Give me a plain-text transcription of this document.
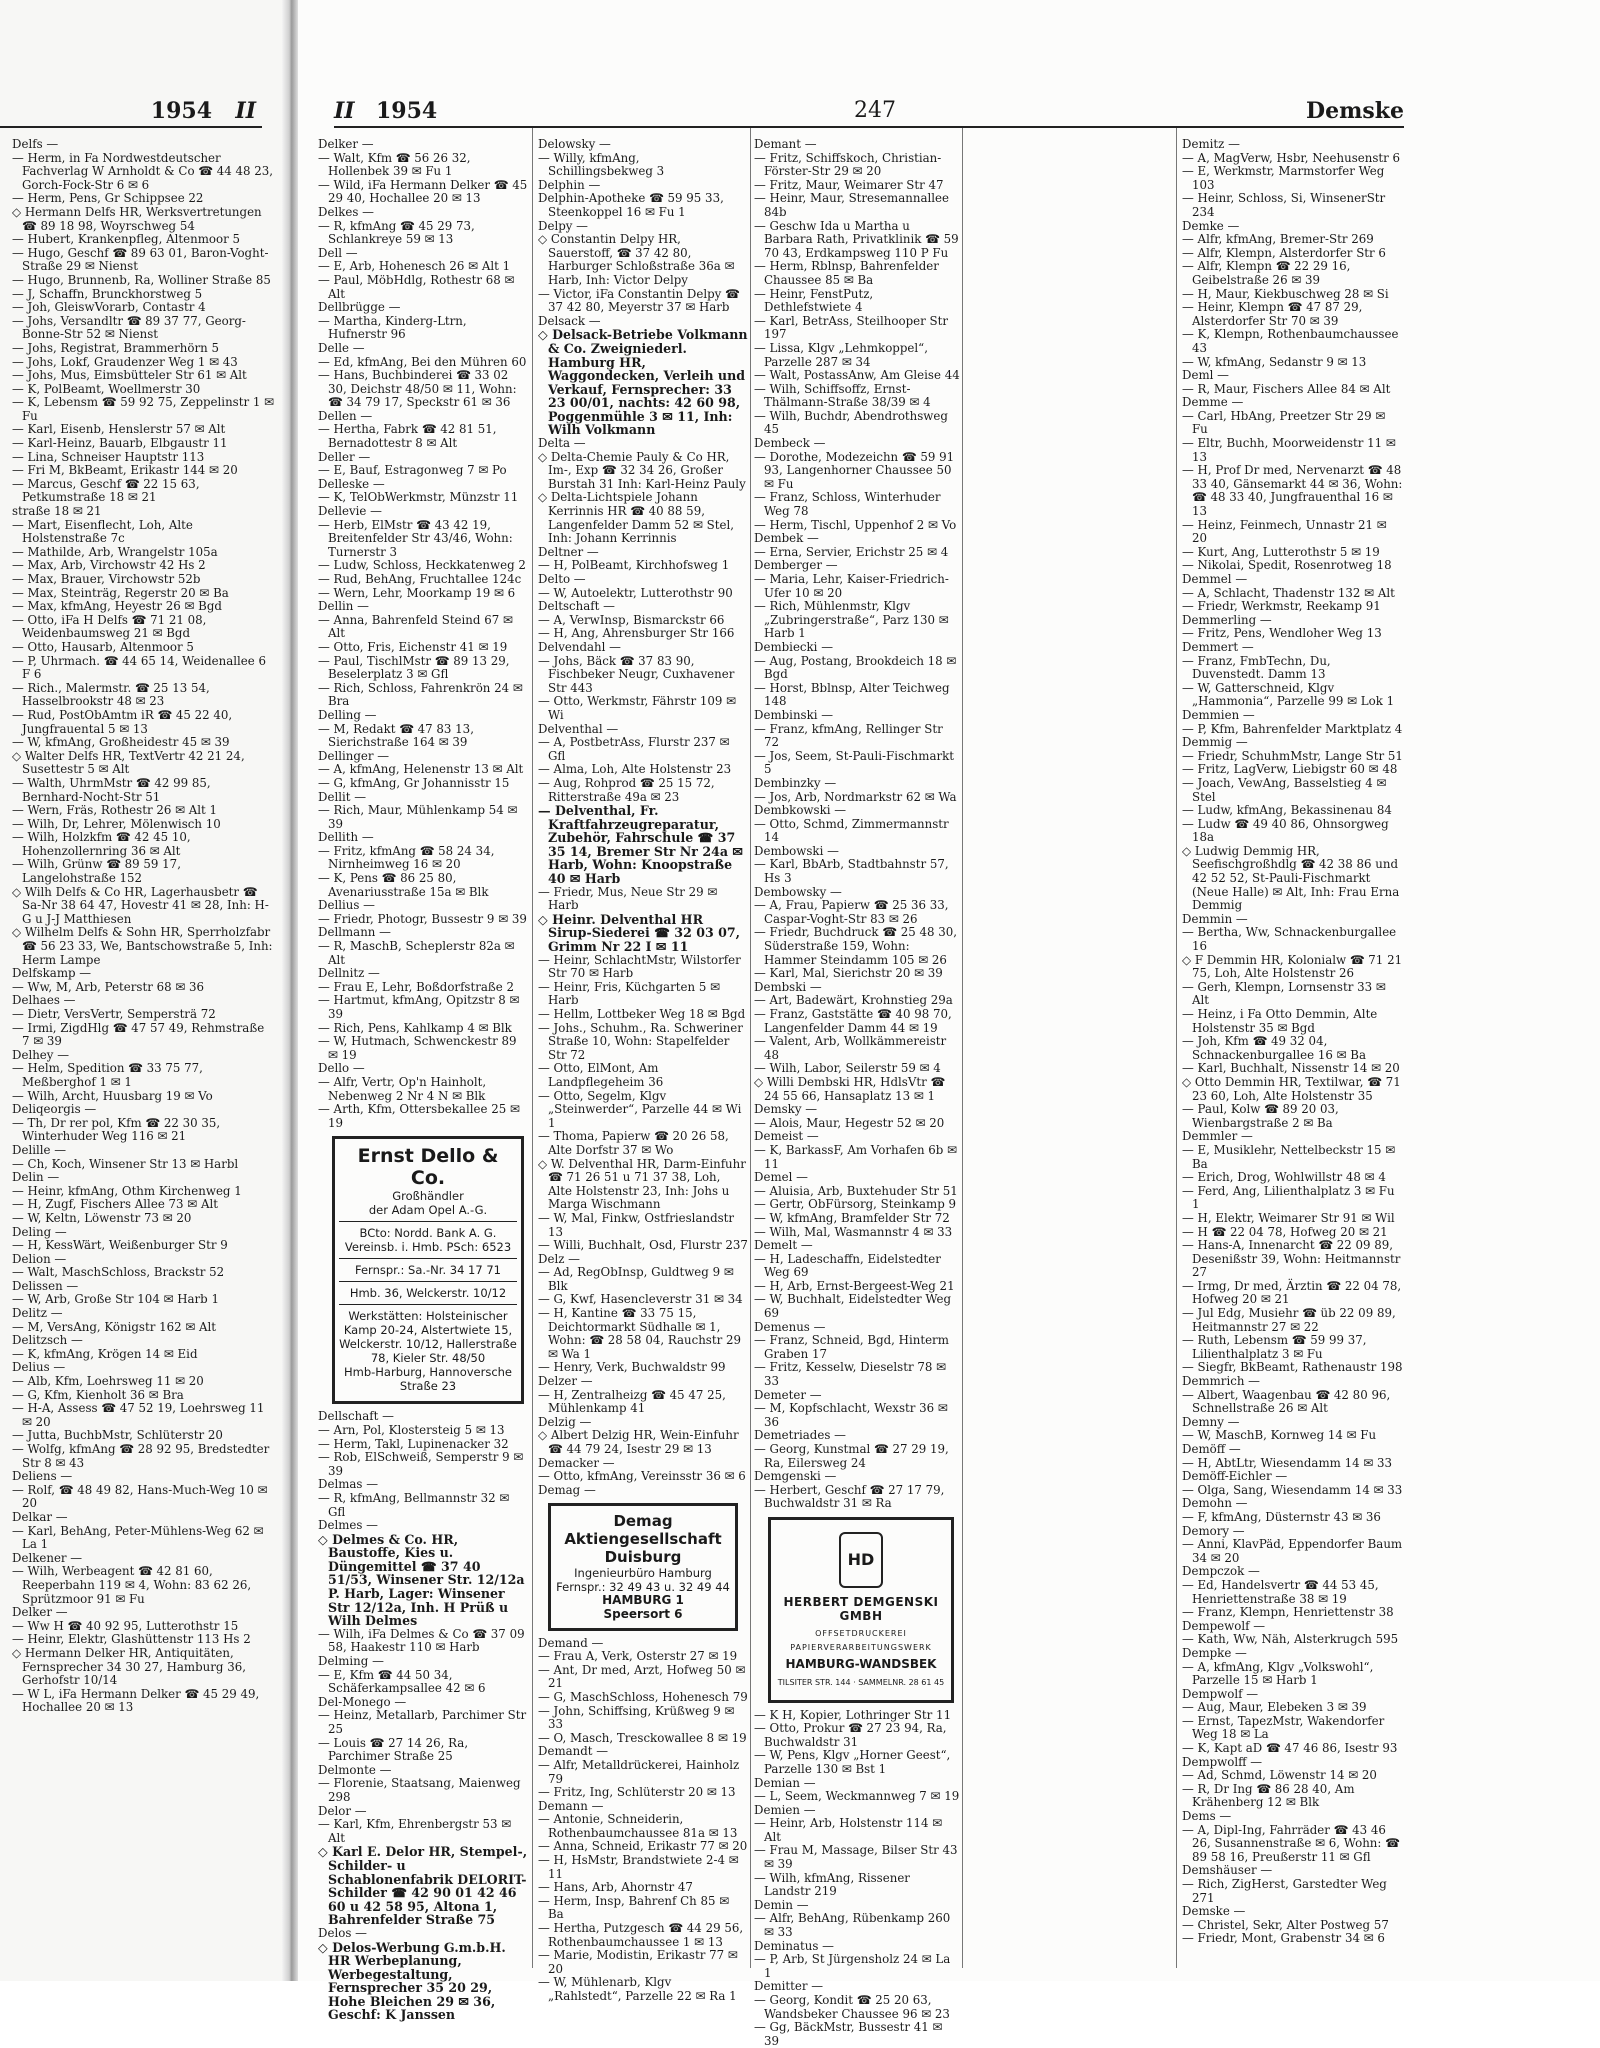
1954 II

Delfs —

— Herm, in Fa Nordwestdeutscher Fachverlag W Arnholdt & Co ☎ 44 48 23, Gorch-Fock-Str 6 ✉ 6

— Herm, Pens, Gr Schippsee 22

◇ Hermann Delfs HR, Werksvertretungen ☎ 89 18 98, Woyrschweg 54

— Hubert, Krankenpfleg, Altenmoor 5

— Hugo, Geschf ☎ 89 63 01, Baron-Voght-Straße 29 ✉ Nienst

— Hugo, Brunnenb, Ra, Wolliner Straße 85

— J, Schaffn, Brunckhorstweg 5

— Joh, GleiswVorarb, Contastr 4

— Johs, Versandltr ☎ 89 37 77, Georg-Bonne-Str 52 ✉ Nienst

— Johs, Registrat, Brammerhörn 5

— Johs, Lokf, Graudenzer Weg 1 ✉ 43

— Johs, Mus, Eimsbütteler Str 61 ✉ Alt

— K, PolBeamt, Woellmerstr 30

— K, Lebensm ☎ 59 92 75, Zeppelinstr 1 ✉ Fu

— Karl, Eisenb, Henslerstr 57 ✉ Alt

— Karl-Heinz, Bauarb, Elbgaustr 11

— Lina, Schneiser Hauptstr 113

— Fri M, BkBeamt, Erikastr 144 ✉ 20

— Marcus, Geschf ☎ 22 15 63, Petkumstraße 18 ✉ 21

straße 18 ✉ 21

— Mart, Eisenflecht, Loh, Alte Holstenstraße 7c

— Mathilde, Arb, Wrangelstr 105a

— Max, Arb, Virchowstr 42 Hs 2

— Max, Brauer, Virchowstr 52b

— Max, Steinträg, Regerstr 20 ✉ Ba

— Max, kfmAng, Heyestr 26 ✉ Bgd

— Otto, iFa H Delfs ☎ 71 21 08, Weidenbaumsweg 21 ✉ Bgd

— Otto, Hausarb, Altenmoor 5

— P, Uhrmach. ☎ 44 65 14, Weidenallee 6 F 6

— Rich., Malermstr. ☎ 25 13 54, Hasselbrookstr 48 ✉ 23

— Rud, PostObAmtm iR ☎ 45 22 40, Jungfrauental 5 ✉ 13

— W, kfmAng, Großheidestr 45 ✉ 39

◇ Walter Delfs HR, TextVertr 42 21 24, Susettestr 5 ✉ Alt

— Walth, UhrmMstr ☎ 42 99 85, Bernhard-Nocht-Str 51

— Wern, Fräs, Rothestr 26 ✉ Alt 1

— Wilh, Dr, Lehrer, Mölenwisch 10

— Wilh, Holzkfm ☎ 42 45 10, Hohenzollernring 36 ✉ Alt

— Wilh, Grünw ☎ 89 59 17, Langelohstraße 152

◇ Wilh Delfs & Co HR, Lagerhausbetr ☎ Sa-Nr 38 64 47, Hovestr 41 ✉ 28, Inh: H-G u J-J Matthiesen

◇ Wilhelm Delfs & Sohn HR, Sperrholzfabr ☎ 56 23 33, We, Bantschowstraße 5, Inh: Herm Lampe

Delfskamp —

— Ww, M, Arb, Peterstr 68 ✉ 36

Delhaes —

— Dietr, VersVertr, Sempersträ 72

— Irmi, ZigdHlg ☎ 47 57 49, Rehmstraße 7 ✉ 39

Delhey —

— Helm, Spedition ☎ 33 75 77, Meßberghof 1 ✉ 1

— Wilh, Archt, Huusbarg 19 ✉ Vo

Deliqeorgis —

— Th, Dr rer pol, Kfm ☎ 22 30 35, Winterhuder Weg 116 ✉ 21

Delille —

— Ch, Koch, Winsener Str 13 ✉ Harbl

Delin —

— Heinr, kfmAng, Othm Kirchenweg 1

— H, Zugf, Fischers Allee 73 ✉ Alt

— W, Keltn, Löwenstr 73 ✉ 20

Deling —

— H, KessWärt, Weißenburger Str 9

Delion —

— Walt, MaschSchloss, Brackstr 52

Delissen —

— W, Arb, Große Str 104 ✉ Harb 1

Delitz —

— M, VersAng, Königstr 162 ✉ Alt

Delitzsch —

— K, kfmAng, Krögen 14 ✉ Eid

Delius —

— Alb, Kfm, Loehrsweg 11 ✉ 20

— G, Kfm, Kienholt 36 ✉ Bra

— H-A, Assess ☎ 47 52 19, Loehrsweg 11 ✉ 20

— Jutta, BuchbMstr, Schlüterstr 20

— Wolfg, kfmAng ☎ 28 92 95, Bredstedter Str 8 ✉ 43

Deliens —

— Rolf, ☎ 48 49 82, Hans-Much-Weg 10 ✉ 20

Delkar —

— Karl, BehAng, Peter-Mühlens-Weg 62 ✉ La 1

Delkener —

— Wilh, Werbeagent ☎ 42 81 60, Reeperbahn 119 ✉ 4, Wohn: 83 62 26, Sprützmoor 91 ✉ Fu

Delker —

— Ww H ☎ 40 92 95, Lutterothstr 15

— Heinr, Elektr, Glashüttenstr 113 Hs 2

◇ Hermann Delker HR, Antiquitäten, Fernsprecher 34 30 27, Hamburg 36, Gerhofstr 10/14

— W L, iFa Hermann Delker ☎ 45 29 49, Hochallee 20 ✉ 13

II 1954	247	Demske

Delker —

— Walt, Kfm ☎ 56 26 32, Hollenbek 39 ✉ Fu 1

— Wild, iFa Hermann Delker ☎ 45 29 40, Hochallee 20 ✉ 13

Delkes —

— R, kfmAng ☎ 45 29 73, Schlankreye 59 ✉ 13

Dell —

— E, Arb, Hohenesch 26 ✉ Alt 1

— Paul, MöbHdlg, Rothestr 68 ✉ Alt

Dellbrügge —

— Martha, Kinderg-Ltrn, Hufnerstr 96

Delle —

— Ed, kfmAng, Bei den Mühren 60

— Hans, Buchbinderei ☎ 33 02 30, Deichstr 48/50 ✉ 11, Wohn: ☎ 34 79 17, Speckstr 61 ✉ 36

Dellen —

— Hertha, Fabrk ☎ 42 81 51, Bernadottestr 8 ✉ Alt

Deller —

— E, Bauf, Estragonweg 7 ✉ Po

Delleske —

— K, TelObWerkmstr, Münzstr 11

Dellevie —

— Herb, ElMstr ☎ 43 42 19, Breitenfelder Str 43/46, Wohn: Turnerstr 3

— Ludw, Schloss, Heckkatenweg 2

— Rud, BehAng, Fruchtallee 124c

— Wern, Lehr, Moorkamp 19 ✉ 6

Dellin —

— Anna, Bahrenfeld Steind 67 ✉ Alt

— Otto, Fris, Eichenstr 41 ✉ 19

— Paul, TischlMstr ☎ 89 13 29, Beselerplatz 3 ✉ Gfl

— Rich, Schloss, Fahrenkrön 24 ✉ Bra

Delling —

— M, Redakt ☎ 47 83 13, Sierichstraße 164 ✉ 39

Dellinger —

— A, kfmAng, Helenenstr 13 ✉ Alt

— G, kfmAng, Gr Johannisstr 15

Dellit —

— Rich, Maur, Mühlenkamp 54 ✉ 39

Dellith —

— Fritz, kfmAng ☎ 58 24 34, Nirnheimweg 16 ✉ 20

— K, Pens ☎ 86 25 80, Avenariusstraße 15a ✉ Blk

Dellius —

— Friedr, Photogr, Bussestr 9 ✉ 39

Dellmann —

— R, MaschB, Scheplerstr 82a ✉ Alt

Dellnitz —

— Frau E, Lehr, Boßdorfstraße 2

— Hartmut, kfmAng, Opitzstr 8 ✉ 39

— Rich, Pens, Kahlkamp 4 ✉ Blk

— W, Hutmach, Schwenckestr 89 ✉ 19

Dello —

— Alfr, Vertr, Op'n Hainholt, Nebenweg 2 Nr 4 N ✉ Blk

— Arth, Kfm, Ottersbekallee 25 ✉ 19

Ernst Dello & Co.
Großhändler
der Adam Opel A.-G.
BCto: Nordd. Bank A. G.
Vereinsb. i. Hmb. PSch: 6523
Fernspr.: Sa.-Nr. 34 17 71
Hmb. 36, Welckerstr. 10/12
Werkstätten: Holsteinischer Kamp 20-24, Alstertwiete 15, Welckerstr. 10/12, Hallerstraße 78, Kieler Str. 48/50
Hmb-Harburg, Hannoversche Straße 23

Dellschaft —

— Arn, Pol, Klostersteig 5 ✉ 13

— Herm, Takl, Lupinenacker 32

— Rob, ElSchweiß, Semperstr 9 ✉ 39

Delmas —

— R, kfmAng, Bellmannstr 32 ✉ Gfl

Delmes —

◇ Delmes & Co. HR, Baustoffe, Kies u. Düngemittel ☎ 37 40 51/53, Winsener Str. 12/12a P. Harb, Lager: Winsener Str 12/12a, Inh. H Prüß u Wilh Delmes

— Wilh, iFa Delmes & Co ☎ 37 09 58, Haakestr 110 ✉ Harb

Delming —

— E, Kfm ☎ 44 50 34, Schäferkampsallee 42 ✉ 6

Del-Monego —

— Heinz, Metallarb, Parchimer Str 25

— Louis ☎ 27 14 26, Ra, Parchimer Straße 25

Delmonte —

— Florenie, Staatsang, Maienweg 298

Delor —

— Karl, Kfm, Ehrenbergstr 53 ✉ Alt

◇ Karl E. Delor HR, Stempel-, Schilder- u Schablonenfabrik DELORIT-Schilder ☎ 42 90 01 42 46 60 u 42 58 95, Altona 1, Bahrenfelder Straße 75

Delos —

◇ Delos-Werbung G.m.b.H. HR Werbeplanung, Werbegestaltung, Fernsprecher 35 20 29, Hohe Bleichen 29 ✉ 36, Geschf: K Janssen

Delowsky —

— Willy, kfmAng, Schillingsbekweg 3

Delphin —

Delphin-Apotheke ☎ 59 95 33, Steenkoppel 16 ✉ Fu 1

Delpy —

◇ Constantin Delpy HR, Sauerstoff, ☎ 37 42 80, Harburger Schloßstraße 36a ✉ Harb, Inh: Victor Delpy

— Victor, iFa Constantin Delpy ☎ 37 42 80, Meyerstr 37 ✉ Harb

Delsack —

◇ Delsack-Betriebe Volkmann & Co. Zweigniederl. Hamburg HR, Waggondecken, Verleih und Verkauf, Fernsprecher: 33 23 00/01, nachts: 42 60 98, Poggenmühle 3 ✉ 11, Inh: Wilh Volkmann

Delta —

◇ Delta-Chemie Pauly & Co HR, Im-, Exp ☎ 32 34 26, Großer Burstah 31 Inh: Karl-Heinz Pauly

◇ Delta-Lichtspiele Johann Kerrinnis HR ☎ 40 88 59, Langenfelder Damm 52 ✉ Stel, Inh: Johann Kerrinnis

Deltner —

— H, PolBeamt, Kirchhofsweg 1

Delto —

— W, Autoelektr, Lutterothstr 90

Deltschaft —

— A, VerwInsp, Bismarckstr 66

— H, Ang, Ahrensburger Str 166

Delvendahl —

— Johs, Bäck ☎ 37 83 90, Fischbeker Neugr, Cuxhavener Str 443

— Otto, Werkmstr, Fährstr 109 ✉ Wi

Delventhal —

— A, PostbetrAss, Flurstr 237 ✉ Gfl

— Alma, Loh, Alte Holstenstr 23

— Aug, Rohprod ☎ 25 15 72, Ritterstraße 49a ✉ 23

— Delventhal, Fr. Kraftfahrzeugreparatur, Zubehör, Fahrschule ☎ 37 35 14, Bremer Str Nr 24a ✉ Harb, Wohn: Knoopstraße 40 ✉ Harb

— Friedr, Mus, Neue Str 29 ✉ Harb

◇ Heinr. Delventhal HR Sirup-Siederei ☎ 32 03 07, Grimm Nr 22 I ✉ 11

— Heinr, SchlachtMstr, Wilstorfer Str 70 ✉ Harb

— Heinr, Fris, Küchgarten 5 ✉ Harb

— Hellm, Lottbeker Weg 18 ✉ Bgd

— Johs., Schuhm., Ra. Schweriner Straße 10, Wohn: Stapelfelder Str 72

— Otto, ElMont, Am Landpflegeheim 36

— Otto, Segelm, Klgv „Steinwerder“, Parzelle 44 ✉ Wi 1

— Thoma, Papierw ☎ 20 26 58, Alte Dorfstr 37 ✉ Wo

◇ W. Delventhal HR, Darm-Einfuhr ☎ 71 26 51 u 71 37 38, Loh, Alte Holstenstr 23, Inh: Johs u Marga Wischmann

— W, Mal, Finkw, Ostfrieslandstr 13

— Willi, Buchhalt, Osd, Flurstr 237

Delz —

— Ad, RegObInsp, Guldtweg 9 ✉ Blk

— G, Kwf, Hasencleverstr 31 ✉ 34

— H, Kantine ☎ 33 75 15, Deichtormarkt Südhalle ✉ 1, Wohn: ☎ 28 58 04, Rauchstr 29 ✉ Wa 1

— Henry, Verk, Buchwaldstr 99

Delzer —

— H, Zentralheizg ☎ 45 47 25, Mühlenkamp 41

Delzig —

◇ Albert Delzig HR, Wein-Einfuhr ☎ 44 79 24, Isestr 29 ✉ 13

Demacker —

— Otto, kfmAng, Vereinsstr 36 ✉ 6

Demag —

Demag Aktiengesellschaft Duisburg
Ingenieurbüro Hamburg
Fernspr.: 32 49 43 u. 32 49 44
HAMBURG 1
Speersort 6

Demand —

— Frau A, Verk, Osterstr 27 ✉ 19

— Ant, Dr med, Arzt, Hofweg 50 ✉ 21

— G, MaschSchloss, Hohenesch 79

— John, Schiffsing, Krüßweg 9 ✉ 33

— O, Masch, Tresckowallee 8 ✉ 19

Demandt —

— Alfr, Metalldrückerei, Hainholz 79

— Fritz, Ing, Schlüterstr 20 ✉ 13

Demann —

— Antonie, Schneiderin, Rothenbaumchaussee 81a ✉ 13

— Anna, Schneid, Erikastr 77 ✉ 20

— H, HsMstr, Brandstwiete 2-4 ✉ 11

— Hans, Arb, Ahornstr 47

— Herm, Insp, Bahrenf Ch 85 ✉ Ba

— Hertha, Putzgesch ☎ 44 29 56, Rothenbaumchaussee 1 ✉ 13

— Marie, Modistin, Erikastr 77 ✉ 20

— W, Mühlenarb, Klgv „Rahlstedt“, Parzelle 22 ✉ Ra 1

Demant —

— Fritz, Schiffskoch, Christian-Förster-Str 29 ✉ 20

— Fritz, Maur, Weimarer Str 47

— Heinr, Maur, Stresemannallee 84b

— Geschw Ida u Martha u Barbara Rath, Privatklinik ☎ 59 70 43, Erdkampsweg 110 P Fu

— Herm, Rblnsp, Bahrenfelder Chaussee 85 ✉ Ba

— Heinr, FenstPutz, Dethlefstwiete 4

— Karl, BetrAss, Steilhooper Str 197

— Lissa, Klgv „Lehmkoppel“, Parzelle 287 ✉ 34

— Walt, PostassAnw, Am Gleise 44

— Wilh, Schiffsoffz, Ernst-Thälmann-Straße 38/39 ✉ 4

— Wilh, Buchdr, Abendrothsweg 45

Dembeck —

— Dorothe, Modezeichn ☎ 59 91 93, Langenhorner Chaussee 50 ✉ Fu

— Franz, Schloss, Winterhuder Weg 78

— Herm, Tischl, Uppenhof 2 ✉ Vo

Dembek —

— Erna, Servier, Erichstr 25 ✉ 4

Demberger —

— Maria, Lehr, Kaiser-Friedrich-Ufer 10 ✉ 20

— Rich, Mühlenmstr, Klgv „Zubringerstraße“, Parz 130 ✉ Harb 1

Dembiecki —

— Aug, Postang, Brookdeich 18 ✉ Bgd

— Horst, Bblnsp, Alter Teichweg 148

Dembinski —

— Franz, kfmAng, Rellinger Str 72

— Jos, Seem, St-Pauli-Fischmarkt 5

Dembinzky —

— Jos, Arb, Nordmarkstr 62 ✉ Wa

Dembkowski —

— Otto, Schmd, Zimmermannstr 14

Dembowski —

— Karl, BbArb, Stadtbahnstr 57, Hs 3

Dembowsky —

— A, Frau, Papierw ☎ 25 36 33, Caspar-Voght-Str 83 ✉ 26

— Friedr, Buchdruck ☎ 25 48 30, Süderstraße 159, Wohn: Hammer Steindamm 105 ✉ 26

— Karl, Mal, Sierichstr 20 ✉ 39

Dembski —

— Art, Badewärt, Krohnstieg 29a

— Franz, Gaststätte ☎ 40 98 70, Langenfelder Damm 44 ✉ 19

— Valent, Arb, Wollkämmereistr 48

— Wilh, Labor, Seilerstr 59 ✉ 4

◇ Willi Dembski HR, HdlsVtr ☎ 24 55 66, Hansaplatz 13 ✉ 1

Demsky —

— Alois, Maur, Hegestr 52 ✉ 20

Demeist —

— K, BarkassF, Am Vorhafen 6b ✉ 11

Demel —

— Aluisia, Arb, Buxtehuder Str 51

— Gertr, ObFürsorg, Steinkamp 9

— W, kfmAng, Bramfelder Str 72

— Wilh, Mal, Wasmannstr 4 ✉ 33

Demelt —

— H, Ladeschaffn, Eidelstedter Weg 69

— H, Arb, Ernst-Bergeest-Weg 21

— W, Buchhalt, Eidelstedter Weg 69

Demenus —

— Franz, Schneid, Bgd, Hinterm Graben 17

— Fritz, Kesselw, Dieselstr 78 ✉ 33

Demeter —

— M, Kopfschlacht, Wexstr 36 ✉ 36

Demetriades —

— Georg, Kunstmal ☎ 27 29 19, Ra, Eilersweg 24

Demgenski —

— Herbert, Geschf ☎ 27 17 79, Buchwaldstr 31 ✉ Ra

HD
HERBERT DEMGENSKI GMBH
OFFSETDRUCKEREI PAPIERVERARBEITUNGSWERK
HAMBURG-WANDSBEK
TILSITER STR. 144 · SAMMELNR. 28 61 45

— K H, Kopier, Lothringer Str 11

— Otto, Prokur ☎ 27 23 94, Ra, Buchwaldstr 31

— W, Pens, Klgv „Horner Geest“, Parzelle 130 ✉ Bst 1

Demian —

— L, Seem, Weckmannweg 7 ✉ 19

Demien —

— Heinr, Arb, Holstenstr 114 ✉ Alt

— Frau M, Massage, Bilser Str 43 ✉ 39

— Wilh, kfmAng, Rissener Landstr 219

Demin —

— Alfr, BehAng, Rübenkamp 260 ✉ 33

Deminatus —

— P, Arb, St Jürgensholz 24 ✉ La 1

Demitter —

— Georg, Kondit ☎ 25 20 63, Wandsbeker Chaussee 96 ✉ 23

— Gg, BäckMstr, Bussestr 41 ✉ 39

Demitz —

— A, MagVerw, Hsbr, Neehusenstr 6

— E, Werkmstr, Marmstorfer Weg 103

— Heinr, Schloss, Si, WinsenerStr 234

Demke —

— Alfr, kfmAng, Bremer-Str 269

— Alfr, Klempn, Alsterdorfer Str 6

— Alfr, Klempn ☎ 22 29 16, Geibelstraße 26 ✉ 39

— H, Maur, Kiekbuschweg 28 ✉ Si

— Heinr, Klempn ☎ 47 87 29, Alsterdorfer Str 70 ✉ 39

— K, Klempn, Rothenbaumchaussee 43

— W, kfmAng, Sedanstr 9 ✉ 13

Deml —

— R, Maur, Fischers Allee 84 ✉ Alt

Demme —

— Carl, HbAng, Preetzer Str 29 ✉ Fu

— Eltr, Buchh, Moorweidenstr 11 ✉ 13

— H, Prof Dr med, Nervenarzt ☎ 48 33 40, Gänsemarkt 44 ✉ 36, Wohn: ☎ 48 33 40, Jungfrauenthal 16 ✉ 13

— Heinz, Feinmech, Unnastr 21 ✉ 20

— Kurt, Ang, Lutterothstr 5 ✉ 19

— Nikolai, Spedit, Rosenrotweg 18

Demmel —

— A, Schlacht, Thadenstr 132 ✉ Alt

— Friedr, Werkmstr, Reekamp 91

Demmerling —

— Fritz, Pens, Wendloher Weg 13

Demmert —

— Franz, FmbTechn, Du, Duvenstedt. Damm 13

— W, Gatterschneid, Klgv „Hammonia“, Parzelle 99 ✉ Lok 1

Demmien —

— P, Kfm, Bahrenfelder Marktplatz 4

Demmig —

— Friedr, SchuhmMstr, Lange Str 51

— Fritz, LagVerw, Liebigstr 60 ✉ 48

— Joach, VewAng, Basselstieg 4 ✉ Stel

— Ludw, kfmAng, Bekassinenau 84

— Ludw ☎ 49 40 86, Ohnsorgweg 18a

◇ Ludwig Demmig HR, Seefischgroßhdlg ☎ 42 38 86 und 42 52 52, St-Pauli-Fischmarkt (Neue Halle) ✉ Alt, Inh: Frau Erna Demmig

Demmin —

— Bertha, Ww, Schnackenburgallee 16

◇ F Demmin HR, Kolonialw ☎ 71 21 75, Loh, Alte Holstenstr 26

— Gerh, Klempn, Lornsenstr 33 ✉ Alt

— Heinz, i Fa Otto Demmin, Alte Holstenstr 35 ✉ Bgd

— Joh, Kfm ☎ 49 32 04, Schnackenburgallee 16 ✉ Ba

— Karl, Buchhalt, Nissenstr 14 ✉ 20

◇ Otto Demmin HR, Textilwar, ☎ 71 23 60, Loh, Alte Holstenstr 35

— Paul, Kolw ☎ 89 20 03, Wienbargstraße 2 ✉ Ba

Demmler —

— E, Musiklehr, Nettelbeckstr 15 ✉ Ba

— Erich, Drog, Wohlwillstr 48 ✉ 4

— Ferd, Ang, Lilienthalplatz 3 ✉ Fu 1

— H, Elektr, Weimarer Str 91 ✉ Wil

— H ☎ 22 04 78, Hofweg 20 ✉ 21

— Hans-A, Innenarcht ☎ 22 09 89, Desenißstr 39, Wohn: Heitmannstr 27

— Irmg, Dr med, Ärztin ☎ 22 04 78, Hofweg 20 ✉ 21

— Jul Edg, Musiehr ☎ üb 22 09 89, Heitmannstr 27 ✉ 22

— Ruth, Lebensm ☎ 59 99 37, Lilienthalplatz 3 ✉ Fu

— Siegfr, BkBeamt, Rathenaustr 198

Demmrich —

— Albert, Waagenbau ☎ 42 80 96, Schnellstraße 26 ✉ Alt

Demny —

— W, MaschB, Kornweg 14 ✉ Fu

Demöff —

— H, AbtLtr, Wiesendamm 14 ✉ 33

Demöff-Eichler —

— Olga, Sang, Wiesendamm 14 ✉ 33

Demohn —

— F, kfmAng, Düsternstr 43 ✉ 36

Demory —

— Anni, KlavPäd, Eppendorfer Baum 34 ✉ 20

Dempczok —

— Ed, Handelsvertr ☎ 44 53 45, Henriettenstraße 38 ✉ 19

— Franz, Klempn, Henriettenstr 38

Dempewolf —

— Kath, Ww, Näh, Alsterkrugch 595

Dempke —

— A, kfmAng, Klgv „Volkswohl“, Parzelle 15 ✉ Harb 1

Dempwolf —

— Aug, Maur, Elebeken 3 ✉ 39

— Ernst, TapezMstr, Wakendorfer Weg 18 ✉ La

— K, Kapt aD ☎ 47 46 86, Isestr 93

Dempwolff —

— Ad, Schmd, Löwenstr 14 ✉ 20

— R, Dr Ing ☎ 86 28 40, Am Krähenberg 12 ✉ Blk

Dems —

— A, Dipl-Ing, Fahrräder ☎ 43 46 26, Susannenstraße ✉ 6, Wohn: ☎ 89 58 16, Preußerstr 11 ✉ Gfl

Demshäuser —

— Rich, ZigHerst, Garstedter Weg 271

Demske —

— Christel, Sekr, Alter Postweg 57

— Friedr, Mont, Grabenstr 34 ✉ 6
